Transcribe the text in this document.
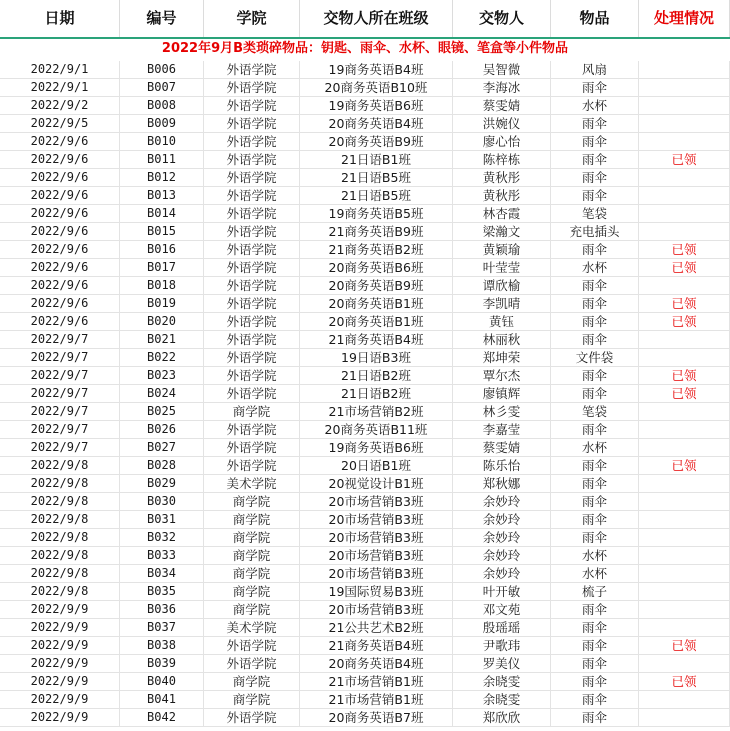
日期	编号	学院	交物人所在班级	交物人	物品	处理情况
2022年9月B类琐碎物品：钥匙、雨伞、水杯、眼镜、笔盒等小件物品
2022/9/1	B006	外语学院	19商务英语B4班	吴智微	风扇
2022/9/1	B007	外语学院	20商务英语B10班	李海冰	雨伞
2022/9/2	B008	外语学院	19商务英语B6班	蔡雯婧	水杯
2022/9/5	B009	外语学院	20商务英语B4班	洪婉仪	雨伞
2022/9/6	B010	外语学院	20商务英语B9班	廖心怡	雨伞
2022/9/6	B011	外语学院	21日语B1班	陈梓栋	雨伞	已领
2022/9/6	B012	外语学院	21日语B5班	黄秋彤	雨伞
2022/9/6	B013	外语学院	21日语B5班	黄秋彤	雨伞
2022/9/6	B014	外语学院	19商务英语B5班	林杏霞	笔袋
2022/9/6	B015	外语学院	21商务英语B9班	梁瀚文	充电插头
2022/9/6	B016	外语学院	21商务英语B2班	黄颖瑜	雨伞	已领
2022/9/6	B017	外语学院	20商务英语B6班	叶莹莹	水杯	已领
2022/9/6	B018	外语学院	20商务英语B9班	谭欣榆	雨伞
2022/9/6	B019	外语学院	20商务英语B1班	李凯晴	雨伞	已领
2022/9/6	B020	外语学院	20商务英语B1班	黄钰	雨伞	已领
2022/9/7	B021	外语学院	21商务英语B4班	林丽秋	雨伞
2022/9/7	B022	外语学院	19日语B3班	郑坤荣	文件袋
2022/9/7	B023	外语学院	21日语B2班	覃尔杰	雨伞	已领
2022/9/7	B024	外语学院	21日语B2班	廖镇辉	雨伞	已领
2022/9/7	B025	商学院	21市场营销B2班	林彡雯	笔袋
2022/9/7	B026	外语学院	20商务英语B11班	李嘉莹	雨伞
2022/9/7	B027	外语学院	19商务英语B6班	蔡雯婧	水杯
2022/9/8	B028	外语学院	20日语B1班	陈乐怡	雨伞	已领
2022/9/8	B029	美术学院	20视觉设计B1班	郑秋娜	雨伞
2022/9/8	B030	商学院	20市场营销B3班	余妙玲	雨伞
2022/9/8	B031	商学院	20市场营销B3班	余妙玲	雨伞
2022/9/8	B032	商学院	20市场营销B3班	余妙玲	雨伞
2022/9/8	B033	商学院	20市场营销B3班	余妙玲	水杯
2022/9/8	B034	商学院	20市场营销B3班	余妙玲	水杯
2022/9/8	B035	商学院	19国际贸易B3班	叶开敏	梳子
2022/9/9	B036	商学院	20市场营销B3班	邓文苑	雨伞
2022/9/9	B037	美术学院	21公共艺术B2班	殷瑶瑶	雨伞
2022/9/9	B038	外语学院	21商务英语B4班	尹歌玮	雨伞	已领
2022/9/9	B039	外语学院	20商务英语B4班	罗美仪	雨伞
2022/9/9	B040	商学院	21市场营销B1班	余晓雯	雨伞	已领
2022/9/9	B041	商学院	21市场营销B1班	余晓雯	雨伞
2022/9/9	B042	外语学院	20商务英语B7班	郑欣欣	雨伞
